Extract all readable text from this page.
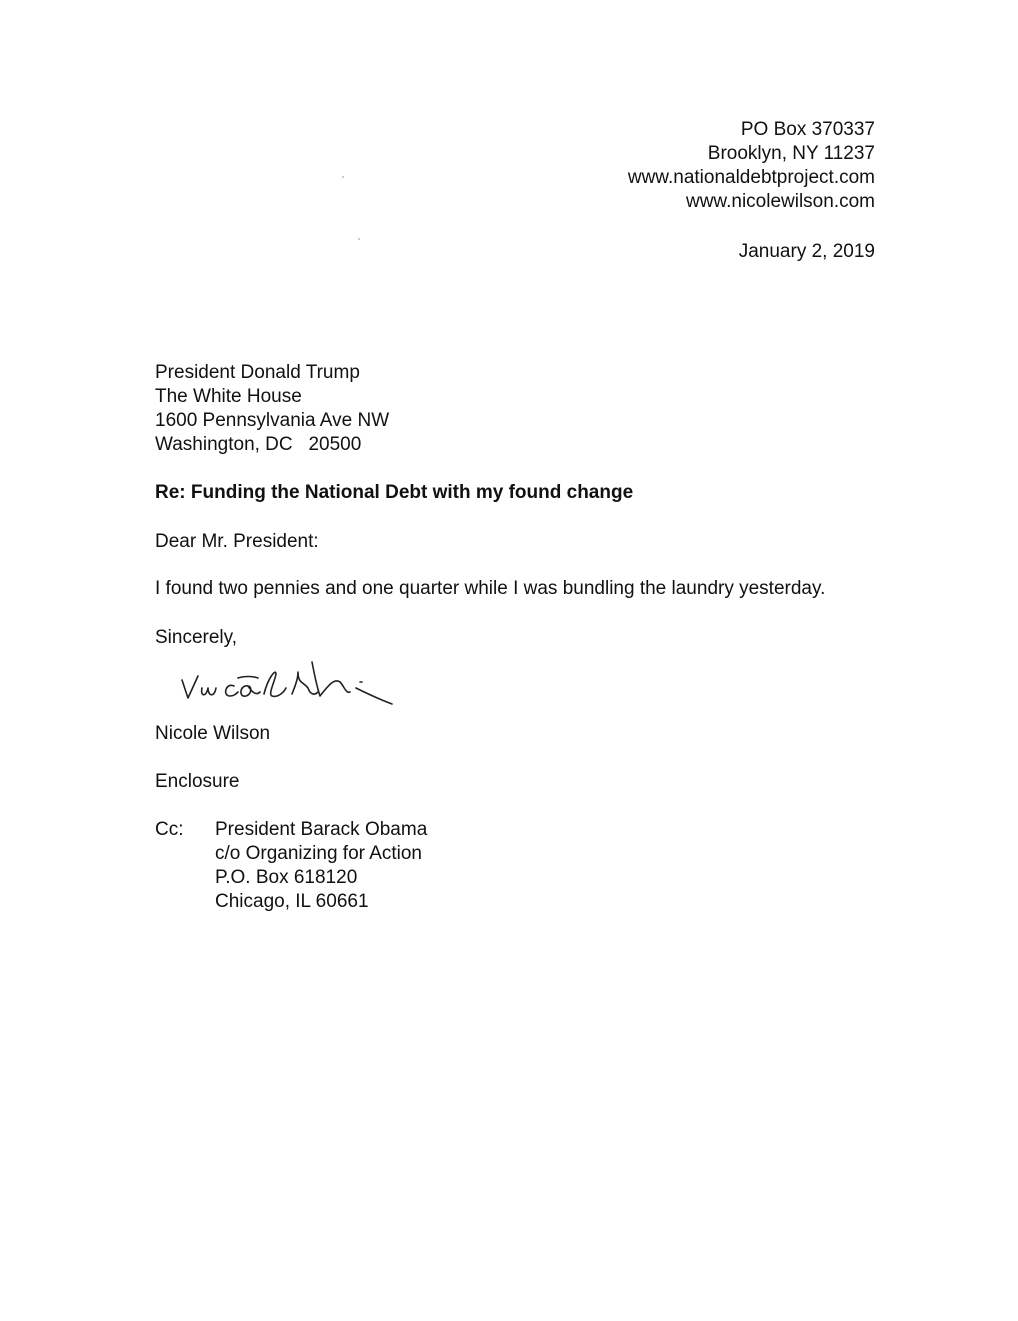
PO Box 370337
Brooklyn, NY 11237
www.nationaldebtproject.com
www.nicolewilson.com
January 2, 2019
President Donald Trump
The White House
1600 Pennsylvania Ave NW
Washington, DC   20500
Re: Funding the National Debt with my found change
Dear Mr. President:
I found two pennies and one quarter while I was bundling the laundry yesterday.
Sincerely,
Nicole Wilson
Enclosure
Cc: President Barack Obama
c/o Organizing for Action
P.O. Box 618120
Chicago, IL 60661
